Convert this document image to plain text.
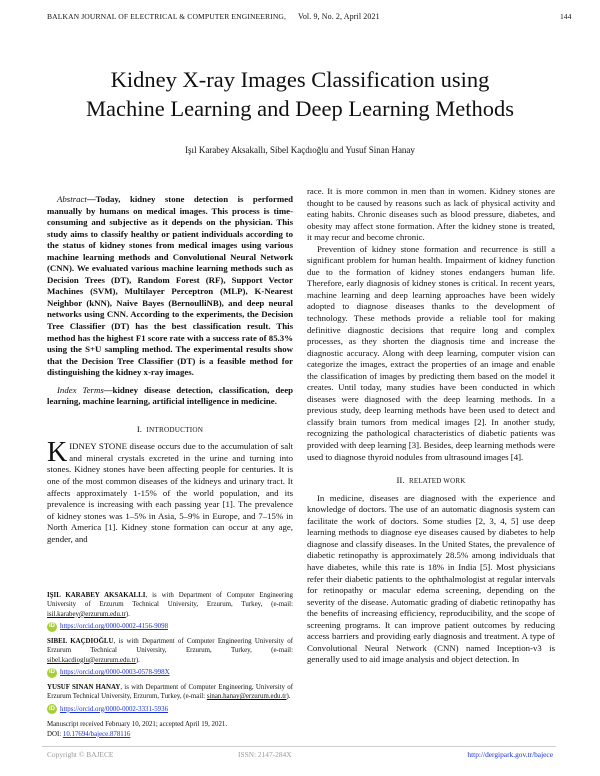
BALKAN JOURNAL OF ELECTRICAL & COMPUTER ENGINEERING, Vol. 9, No. 2, April 2021	144
Kidney X-ray Images Classification using
Machine Learning and Deep Learning Methods
Işıl Karabey Aksakallı, Sibel Kaçdıoğlu and Yusuf Sinan Hanay

Abstract—Today, kidney stone detection is performed manually by humans on medical images. This process is time-consuming and subjective as it depends on the physician. This study aims to classify healthy or patient individuals according to the status of kidney stones from medical images using various machine learning methods and Convolutional Neural Network (CNN). We evaluated various machine learning methods such as Decision Trees (DT), Random Forest (RF), Support Vector Machines (SVM), Multilayer Perceptron (MLP), K-Nearest Neighbor (kNN), Naive Bayes (BernoulliNB), and deep neural networks using CNN. According to the experiments, the Decision Tree Classifier (DT) has the best classification result. This method has the highest F1 score rate with a success rate of 85.3% using the S+U sampling method. The experimental results show that the Decision Tree Classifier (DT) is a feasible method for distinguishing the kidney x-ray images.

Index Terms—kidney disease detection, classification, deep learning, machine learning, artificial intelligence in medicine.

I. INTRODUCTION

KIDNEY STONE disease occurs due to the accumulation of salt and mineral crystals excreted in the urine and turning into stones. Kidney stones have been affecting people for centuries. It is one of the most common diseases of the kidneys and urinary tract. It affects approximately 1-15% of the world population, and its prevalence is increasing with each passing year [1]. The prevalence of kidney stones was 1–5% in Asia, 5–9% in Europe, and 7–15% in North America [1]. Kidney stone formation can occur at any age, gender, and

IŞIL KARABEY AKSAKALLI, is with Department of Computer Engineering University of Erzurum Technical University, Erzurum, Turkey, (e-mail: isil.karabey@erzurum.edu.tr).

iD https://orcid.org/0000-0002-4156-9098

SIBEL KAÇDIOĞLU, is with Department of Computer Engineering University of Erzurum Technical University, Erzurum, Turkey, (e-mail: sibel.kacdioglu@erzurum.edu.tr).

iD https://orcid.org/0000-0003-0578-998X

YUSUF SINAN HANAY, is with Department of Computer Engineering, University of Erzurum Technical University, Erzurum, Turkey, (e-mail: sinan.hanay@erzurum.edu.tr).

iD https://orcid.org/0000-0002-3331-5936

Manuscript received February 10, 2021; accepted April 19, 2021.

DOI: 10.17694/bajece.878116

race. It is more common in men than in women. Kidney stones are thought to be caused by reasons such as lack of physical activity and eating habits. Chronic diseases such as blood pressure, diabetes, and obesity may affect stone formation. After the kidney stone is treated, it may recur and become chronic.

Prevention of kidney stone formation and recurrence is still a significant problem for human health. Impairment of kidney function due to the formation of kidney stones endangers human life. Therefore, early diagnosis of kidney stones is critical. In recent years, machine learning and deep learning approaches have been widely adopted to diagnose diseases thanks to the development of technology. These methods provide a reliable tool for making definitive diagnostic decisions that require long and complex processes, as they shorten the diagnosis time and increase the diagnostic accuracy. Along with deep learning, computer vision can categorize the images, extract the properties of an image and enable the classification of images by predicting them based on the model it creates. Until today, many studies have been conducted in which diseases were diagnosed with the deep learning methods. In a previous study, deep learning methods have been used to detect and classify brain tumors from medical images [2]. In another study, recognizing the pathological characteristics of diabetic patients was provided with deep learning [3]. Besides, deep learning methods were used to diagnose thyroid nodules from ultrasound images [4].

II. RELATED WORK

In medicine, diseases are diagnosed with the experience and knowledge of doctors. The use of an automatic diagnosis system can facilitate the work of doctors. Some studies [2, 3, 4, 5] use deep learning methods to diagnose eye diseases caused by diabetes to help diagnose and classify diseases. In the United States, the prevalence of diabetic retinopathy is approximately 28.5% among individuals that have diabetes, while this rate is 18% in India [5]. Most physicians refer their diabetic patients to the ophthalmologist at regular intervals for retinopathy or macular edema screening, depending on the severity of the disease. Automatic grading of diabetic retinopathy has the benefits of increasing efficiency, reproducibility, and the scope of screening programs. It can improve patient outcomes by reducing access barriers and providing early diagnosis and treatment. A type of Convolutional Neural Network (CNN) named Inception-v3 is generally used to aid image analysis and object detection. In

Copyright © BAJECE	ISSN: 2147-284X	http://dergipark.gov.tr/bajece
